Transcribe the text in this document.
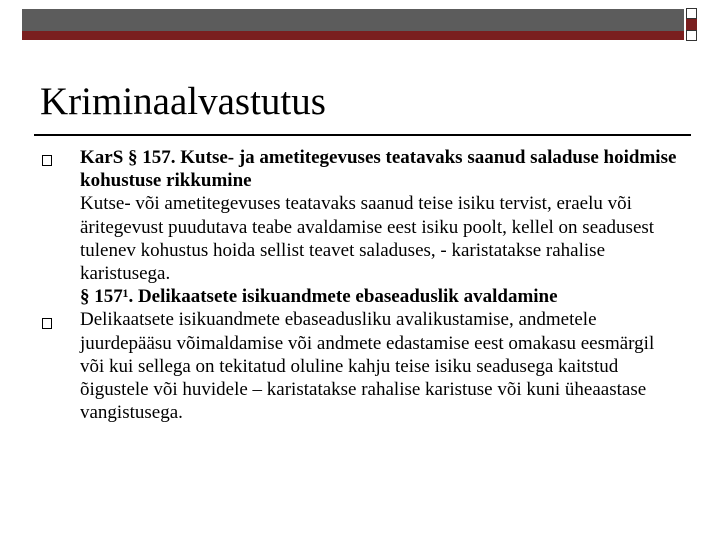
Kriminaalvastutus

KarS § 157. Kutse- ja ametitegevuses teatavaks saanud saladuse hoidmise kohustuse rikkumine

Kutse- või ametitegevuses teatavaks saanud teise isiku tervist, eraelu või äritegevust puudutava teabe avaldamise eest isiku poolt, kellel on seadusest tulenev kohustus hoida sellist teavet saladuses, - karistatakse rahalise karistusega.

§ 157¹. Delikaatsete isikuandmete ebaseaduslik avaldamine

Delikaatsete isikuandmete ebaseadusliku avalikustamise, andmetele juurdepääsu võimaldamise või andmete edastamise eest omakasu eesmärgil või kui sellega on tekitatud oluline kahju teise isiku seadusega kaitstud õigustele või huvidele – karistatakse rahalise karistuse või kuni üheaastase vangistusega.
